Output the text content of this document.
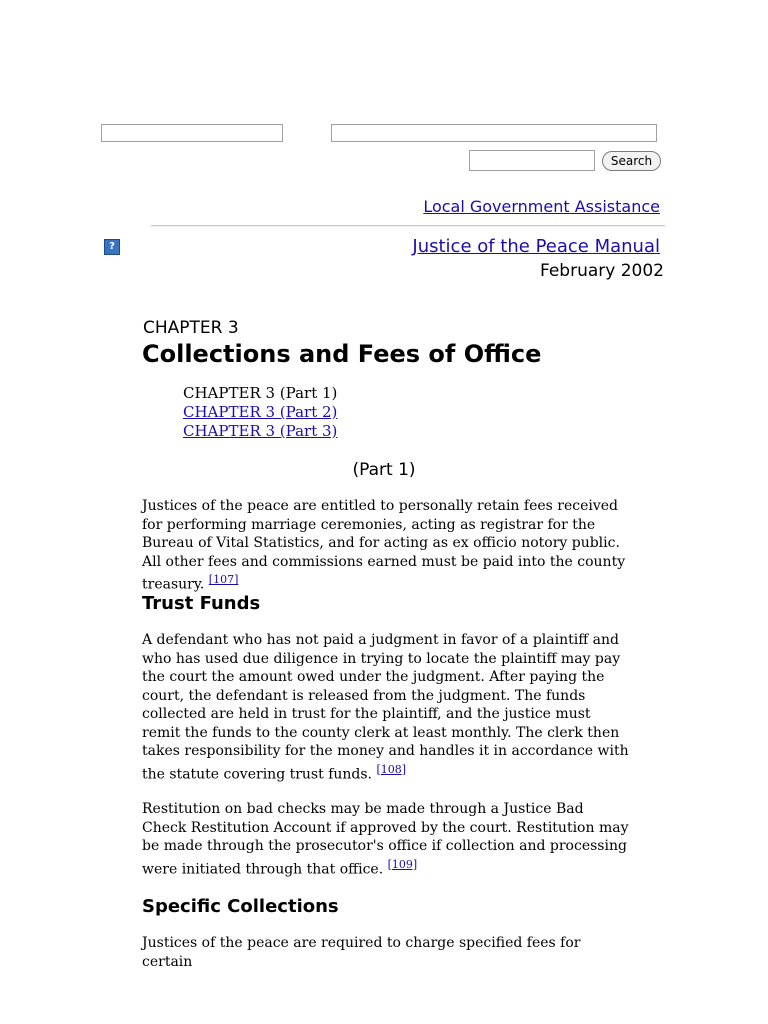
Search
Local Government Assistance
?	Justice of the Peace Manual
February 2002
CHAPTER 3
Collections and Fees of Office
CHAPTER 3 (Part 1)
CHAPTER 3 (Part 2)
CHAPTER 3 (Part 3)
(Part 1)

Justices of the peace are entitled to personally retain fees received for performing marriage ceremonies, acting as registrar for the Bureau of Vital Statistics, and for acting as ex officio notory public. All other fees and commissions earned must be paid into the county treasury. [107]

Trust Funds

A defendant who has not paid a judgment in favor of a plaintiff and who has used due diligence in trying to locate the plaintiff may pay the court the amount owed under the judgment. After paying the court, the defendant is released from the judgment. The funds collected are held in trust for the plaintiff, and the justice must remit the funds to the county clerk at least monthly. The clerk then takes responsibility for the money and handles it in accordance with the statute covering trust funds. [108]

Restitution on bad checks may be made through a Justice Bad Check Restitution Account if approved by the court. Restitution may be made through the prosecutor's office if collection and processing were initiated through that office. [109]

Specific Collections

Justices of the peace are required to charge specified fees for certain
